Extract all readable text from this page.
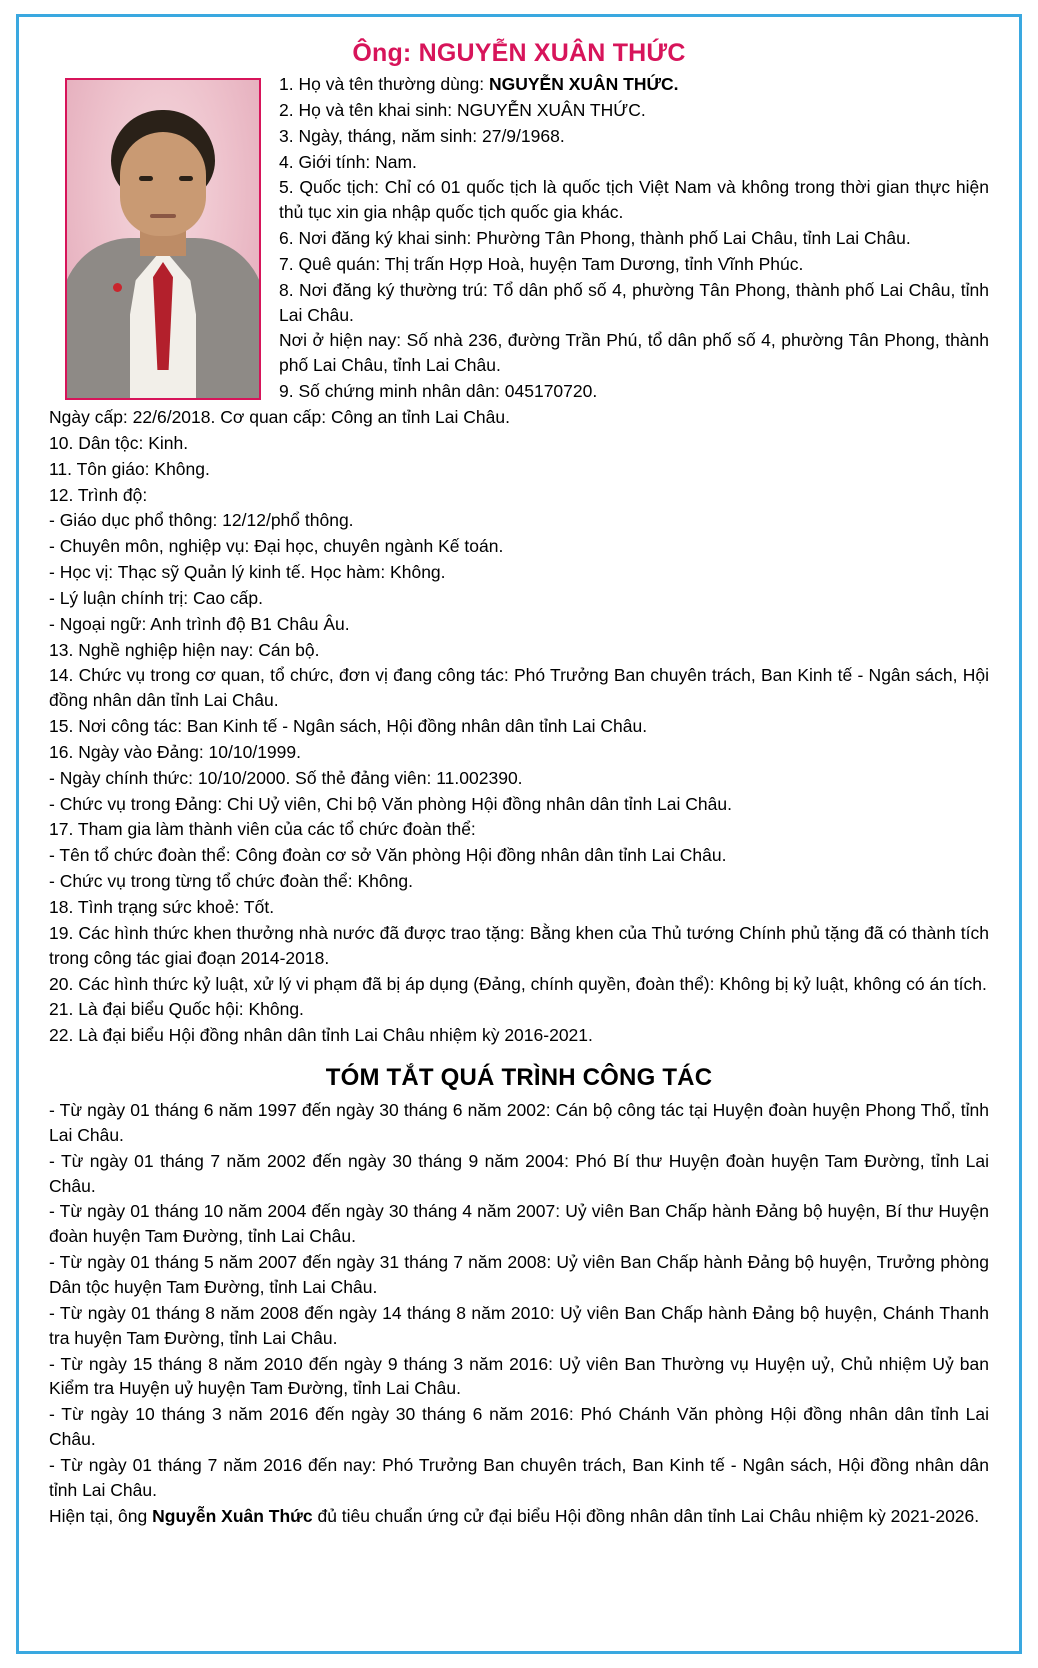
Ông: NGUYỄN XUÂN THỨC

1. Họ và tên thường dùng: NGUYỄN XUÂN THỨC.

2. Họ và tên khai sinh: NGUYỄN XUÂN THỨC.

3. Ngày, tháng, năm sinh: 27/9/1968.

4. Giới tính: Nam.

5. Quốc tịch: Chỉ có 01 quốc tịch là quốc tịch Việt Nam và không trong thời gian thực hiện thủ tục xin gia nhập quốc tịch quốc gia khác.

6. Nơi đăng ký khai sinh: Phường Tân Phong, thành phố Lai Châu, tỉnh Lai Châu.

7. Quê quán: Thị trấn Hợp Hoà, huyện Tam Dương, tỉnh Vĩnh Phúc.

8. Nơi đăng ký thường trú: Tổ dân phố số 4, phường Tân Phong, thành phố Lai Châu, tỉnh Lai Châu.

Nơi ở hiện nay: Số nhà 236, đường Trần Phú, tổ dân phố số 4, phường Tân Phong, thành phố Lai Châu, tỉnh Lai Châu.

9. Số chứng minh nhân dân: 045170720.

Ngày cấp: 22/6/2018. Cơ quan cấp: Công an tỉnh Lai Châu.

10. Dân tộc: Kinh.

11. Tôn giáo: Không.

12. Trình độ:

- Giáo dục phổ thông: 12/12/phổ thông.

- Chuyên môn, nghiệp vụ: Đại học, chuyên ngành Kế toán.

- Học vị: Thạc sỹ Quản lý kinh tế. Học hàm: Không.

- Lý luận chính trị: Cao cấp.

- Ngoại ngữ: Anh trình độ B1 Châu Âu.

13. Nghề nghiệp hiện nay: Cán bộ.

14. Chức vụ trong cơ quan, tổ chức, đơn vị đang công tác: Phó Trưởng Ban chuyên trách, Ban Kinh tế - Ngân sách, Hội đồng nhân dân tỉnh Lai Châu.

15. Nơi công tác: Ban Kinh tế - Ngân sách, Hội đồng nhân dân tỉnh Lai Châu.

16. Ngày vào Đảng: 10/10/1999.

- Ngày chính thức: 10/10/2000. Số thẻ đảng viên: 11.002390.

- Chức vụ trong Đảng: Chi Uỷ viên, Chi bộ Văn phòng Hội đồng nhân dân tỉnh Lai Châu.

17. Tham gia làm thành viên của các tổ chức đoàn thể:

- Tên tổ chức đoàn thể: Công đoàn cơ sở Văn phòng Hội đồng nhân dân tỉnh Lai Châu.

- Chức vụ trong từng tổ chức đoàn thể: Không.

18. Tình trạng sức khoẻ: Tốt.

19. Các hình thức khen thưởng nhà nước đã được trao tặng: Bằng khen của Thủ tướng Chính phủ tặng đã có thành tích trong công tác giai đoạn 2014-2018.

20. Các hình thức kỷ luật, xử lý vi phạm đã bị áp dụng (Đảng, chính quyền, đoàn thể): Không bị kỷ luật, không có án tích.

21. Là đại biểu Quốc hội: Không.

22. Là đại biểu Hội đồng nhân dân tỉnh Lai Châu nhiệm kỳ 2016-2021.

TÓM TẮT QUÁ TRÌNH CÔNG TÁC

- Từ ngày 01 tháng 6 năm 1997 đến ngày 30 tháng 6 năm 2002: Cán bộ công tác tại Huyện đoàn huyện Phong Thổ, tỉnh Lai Châu.

- Từ ngày 01 tháng 7 năm 2002 đến ngày 30 tháng 9 năm 2004: Phó Bí thư Huyện đoàn huyện Tam Đường, tỉnh Lai Châu.

- Từ ngày 01 tháng 10 năm 2004 đến ngày 30 tháng 4 năm 2007: Uỷ viên Ban Chấp hành Đảng bộ huyện, Bí thư Huyện đoàn huyện Tam Đường, tỉnh Lai Châu.

- Từ ngày 01 tháng 5 năm 2007 đến ngày 31 tháng 7 năm 2008: Uỷ viên Ban Chấp hành Đảng bộ huyện, Trưởng phòng Dân tộc huyện Tam Đường, tỉnh Lai Châu.

- Từ ngày 01 tháng 8 năm 2008 đến ngày 14 tháng 8 năm 2010: Uỷ viên Ban Chấp hành Đảng bộ huyện, Chánh Thanh tra huyện Tam Đường, tỉnh Lai Châu.

- Từ ngày 15 tháng 8 năm 2010 đến ngày 9 tháng 3 năm 2016: Uỷ viên Ban Thường vụ Huyện uỷ, Chủ nhiệm Uỷ ban Kiểm tra Huyện uỷ huyện Tam Đường, tỉnh Lai Châu.

- Từ ngày 10 tháng 3 năm 2016 đến ngày 30 tháng 6 năm 2016: Phó Chánh Văn phòng Hội đồng nhân dân tỉnh Lai Châu.

- Từ ngày 01 tháng 7 năm 2016 đến nay: Phó Trưởng Ban chuyên trách, Ban Kinh tế - Ngân sách, Hội đồng nhân dân tỉnh Lai Châu.

Hiện tại, ông Nguyễn Xuân Thức đủ tiêu chuẩn ứng cử đại biểu Hội đồng nhân dân tỉnh Lai Châu nhiệm kỳ 2021-2026.
